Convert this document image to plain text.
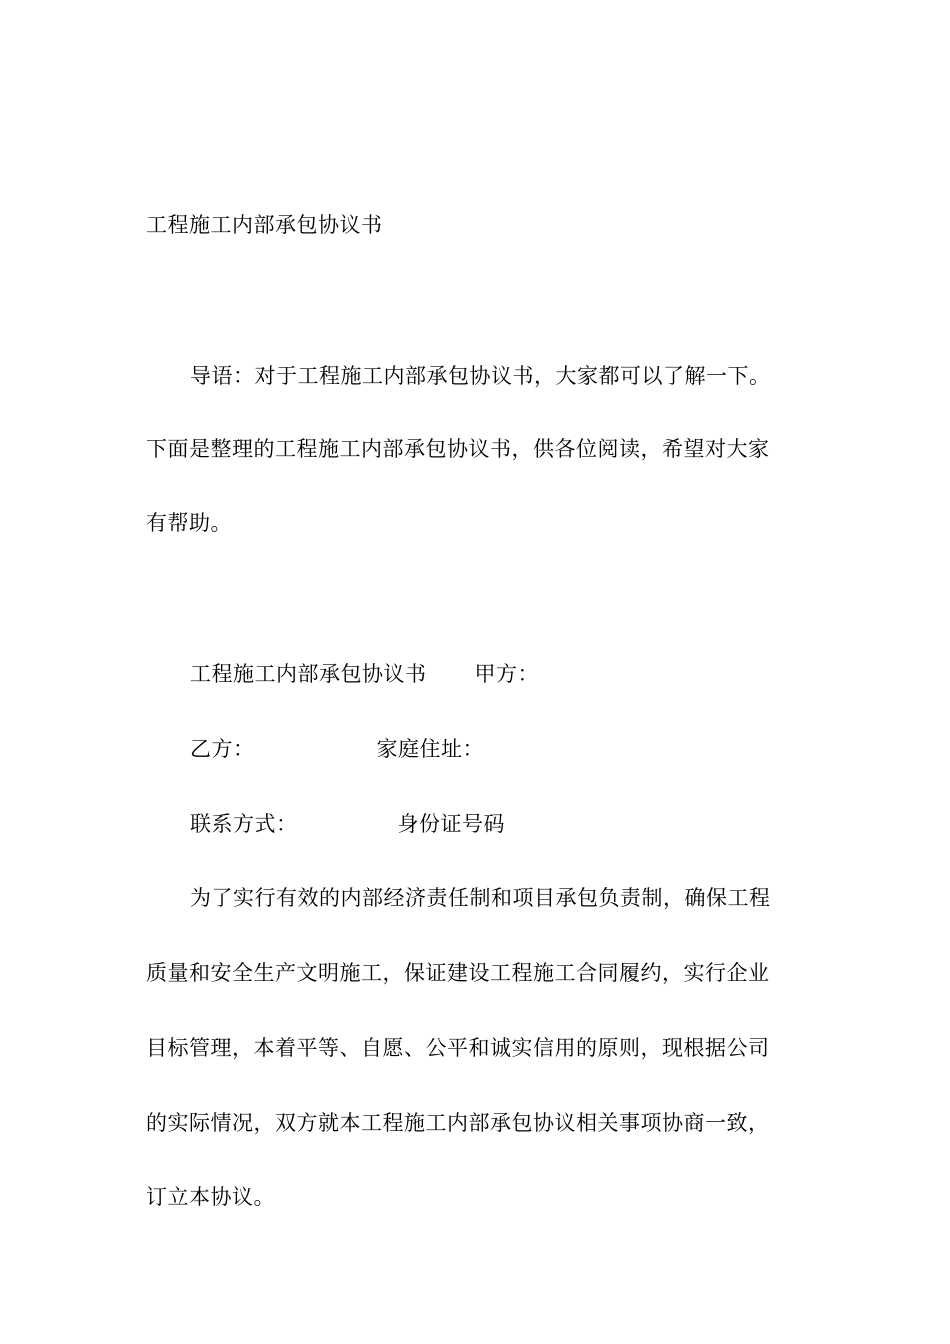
工程施工内部承包协议书
导语：对于工程施工内部承包协议书，大家都可以了解一下。
下面是整理的工程施工内部承包协议书，供各位阅读，希望对大家
有帮助。
工程施工内部承包协议书 甲方：
乙方：	家庭住址：
联系方式：	身份证号码
为了实行有效的内部经济责任制和项目承包负责制，确保工程
质量和安全生产文明施工，保证建设工程施工合同履约，实行企业
目标管理，本着平等、自愿、公平和诚实信用的原则，现根据公司
的实际情况，双方就本工程施工内部承包协议相关事项协商一致，
订立本协议。
